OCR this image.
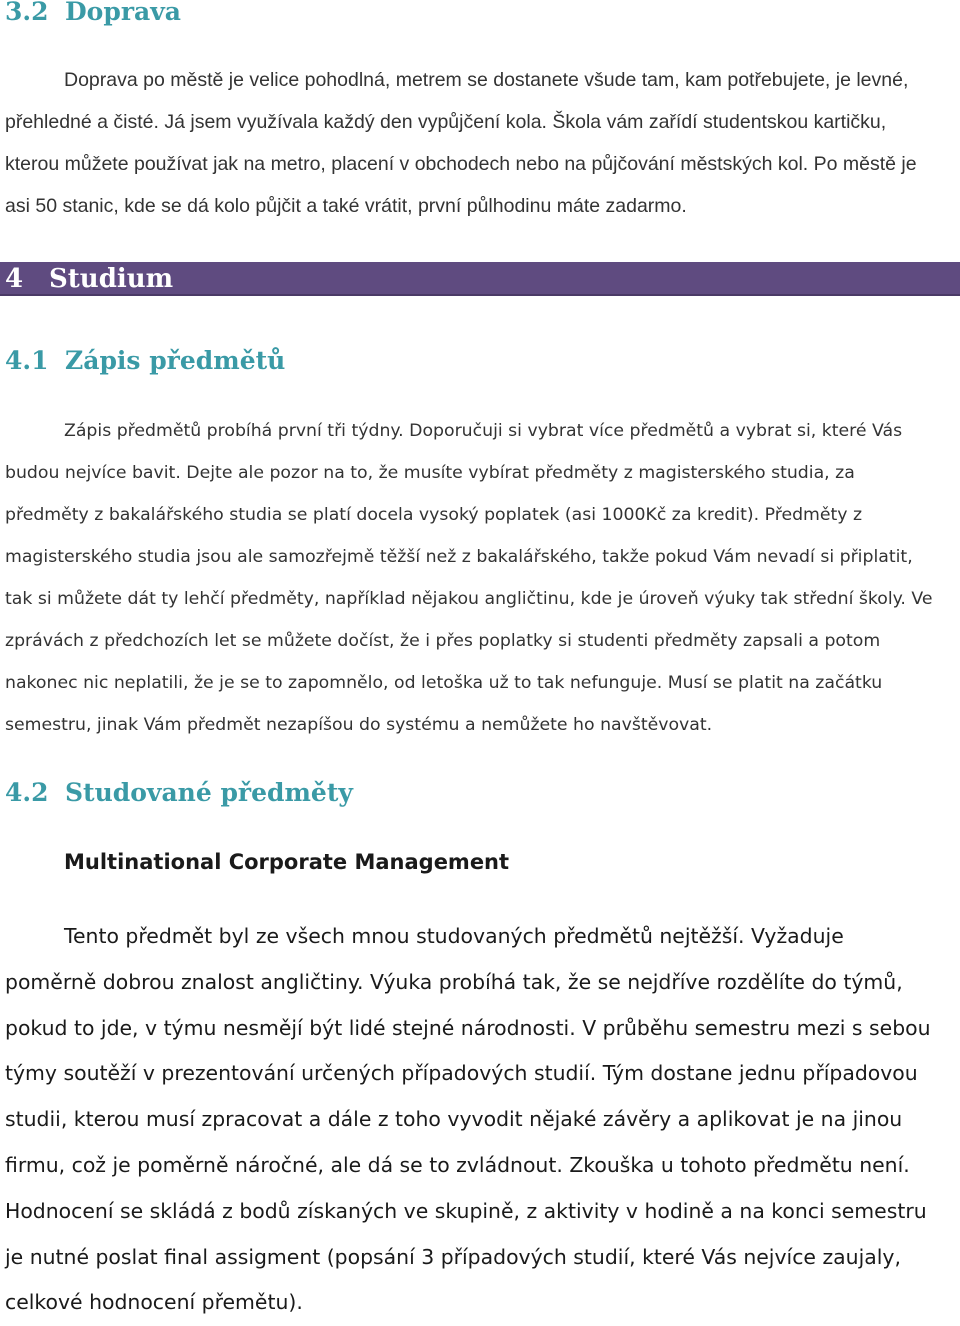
3.2 Doprava

Doprava po městě je velice pohodlná, metrem se dostanete všude tam, kam potřebujete, je levné, přehledné a čisté. Já jsem využívala každý den vypůjčení kola. Škola vám zařídí studentskou kartičku, kterou můžete používat jak na metro, placení v obchodech nebo na půjčování městských kol. Po městě je asi 50 stanic, kde se dá kolo půjčit a také vrátit, první půlhodinu máte zadarmo.

4 Studium
4.1 Zápis předmětů

Zápis předmětů probíhá první tři týdny. Doporučuji si vybrat více předmětů a vybrat si, které Vás budou nejvíce bavit. Dejte ale pozor na to, že musíte vybírat předměty z magisterského studia, za předměty z bakalářského studia se platí docela vysoký poplatek (asi 1000Kč za kredit). Předměty z magisterského studia jsou ale samozřejmě těžší než z bakalářského, takže pokud Vám nevadí si připlatit, tak si můžete dát ty lehčí předměty, například nějakou angličtinu, kde je úroveň výuky tak střední školy. Ve zprávách z předchozích let se můžete dočíst, že i přes poplatky si studenti předměty zapsali a potom nakonec nic neplatili, že je se to zapomnělo, od letoška už to tak nefunguje. Musí se platit na začátku semestru, jinak Vám předmět nezapíšou do systému a nemůžete ho navštěvovat.

4.2 Studované předměty
Multinational Corporate Management

Tento předmět byl ze všech mnou studovaných předmětů nejtěžší. Vyžaduje poměrně dobrou znalost angličtiny. Výuka probíhá tak, že se nejdříve rozdělíte do týmů, pokud to jde, v týmu nesmějí být lidé stejné národnosti. V průběhu semestru mezi s sebou týmy soutěží v prezentování určených případových studií. Tým dostane jednu případovou studii, kterou musí zpracovat a dále z toho vyvodit nějaké závěry a aplikovat je na jinou firmu, což je poměrně náročné, ale dá se to zvládnout. Zkouška u tohoto předmětu není. Hodnocení se skládá z bodů získaných ve skupině, z aktivity v hodině a na konci semestru je nutné poslat final assigment (popsání 3 případových studií, které Vás nejvíce zaujaly, celkové hodnocení přemětu).
